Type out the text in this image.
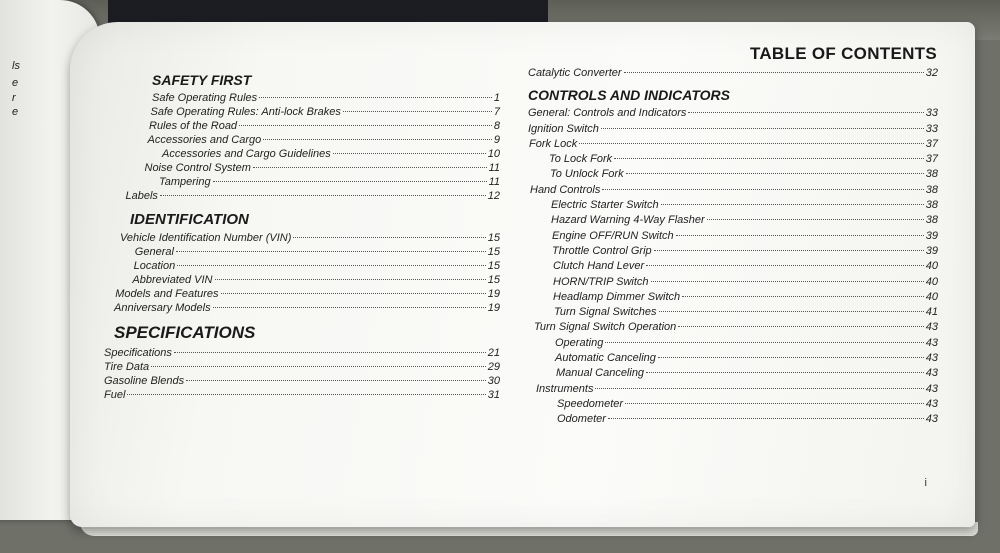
ls
e
r
e
TABLE OF CONTENTS
SAFETY FIRST
Safe Operating Rules	1
Safe Operating Rules: Anti-lock Brakes	7
Rules of the Road	8
Accessories and Cargo	9
Accessories and Cargo Guidelines	10
Noise Control System	11
Tampering	11
Labels	12
IDENTIFICATION
Vehicle Identification Number (VIN)	15
General	15
Location	15
Abbreviated VIN	15
Models and Features	19
Anniversary Models	19
SPECIFICATIONS
Specifications	21
Tire Data	29
Gasoline Blends	30
Fuel	31
Catalytic Converter	32
CONTROLS AND INDICATORS
General: Controls and Indicators	33
Ignition Switch	33
Fork Lock	37
To Lock Fork	37
To Unlock Fork	38
Hand Controls	38
Electric Starter Switch	38
Hazard Warning 4-Way Flasher	38
Engine OFF/RUN Switch	39
Throttle Control Grip	39
Clutch Hand Lever	40
HORN/TRIP Switch	40
Headlamp Dimmer Switch	40
Turn Signal Switches	41
Turn Signal Switch Operation	43
Operating	43
Automatic Canceling	43
Manual Canceling	43
Instruments	43
Speedometer	43
Odometer	43
i
